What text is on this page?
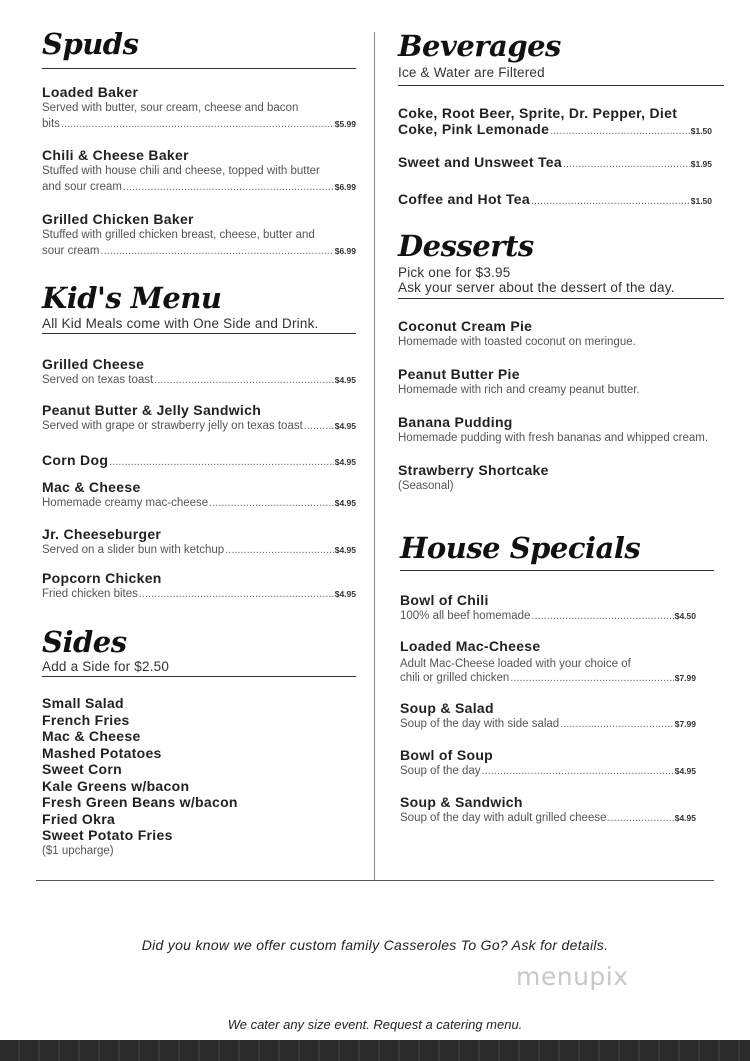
Spuds
Loaded Baker
Served with butter, sour cream, cheese and bacon
bits .....	$5.99
Chili & Cheese Baker
Stuffed with house chili and cheese, topped with butter
and sour cream .....	$6.99
Grilled Chicken Baker
Stuffed with grilled chicken breast, cheese, butter and
sour cream .....	$6.99
Kid's Menu
All Kid Meals come with One Side and Drink.
Grilled Cheese
Served on texas toast .....	$4.95
Peanut Butter & Jelly Sandwich
Served with grape or strawberry jelly on texas toast .....	$4.95
Corn Dog .....	$4.95
Mac & Cheese
Homemade creamy mac-cheese .....	$4.95
Jr. Cheeseburger
Served on a slider bun with ketchup .....	$4.95
Popcorn Chicken
Fried chicken bites .....	$4.95
Sides
Add a Side for $2.50
Small Salad
French Fries
Mac & Cheese
Mashed Potatoes
Sweet Corn
Kale Greens w/bacon
Fresh Green Beans w/bacon
Fried Okra
Sweet Potato Fries
($1 upcharge)
Beverages
Ice & Water are Filtered
Coke, Root Beer, Sprite, Dr. Pepper, Diet
Coke, Pink Lemonade .....	$1.50
Sweet and Unsweet Tea .....	$1.95
Coffee and Hot Tea .....	$1.50
Desserts
Pick one for $3.95
Ask your server about the dessert of the day.
Coconut Cream Pie
Homemade with toasted coconut on meringue.
Peanut Butter Pie
Homemade with rich and creamy peanut butter.
Banana Pudding
Homemade pudding with fresh bananas and whipped cream.
Strawberry Shortcake
(Seasonal)
House Specials
Bowl of Chili
100% all beef homemade .....	$4.50
Loaded Mac-Cheese
Adult Mac-Cheese loaded with your choice of
chili or grilled chicken .....	$7.99
Soup & Salad
Soup of the day with side salad .....	$7.99
Bowl of Soup
Soup of the day .....	$4.95
Soup & Sandwich
Soup of the day with adult grilled cheese .....	$4.95
Did you know we offer custom family Casseroles To Go? Ask for details.
menupix
We cater any size event. Request a catering menu.
